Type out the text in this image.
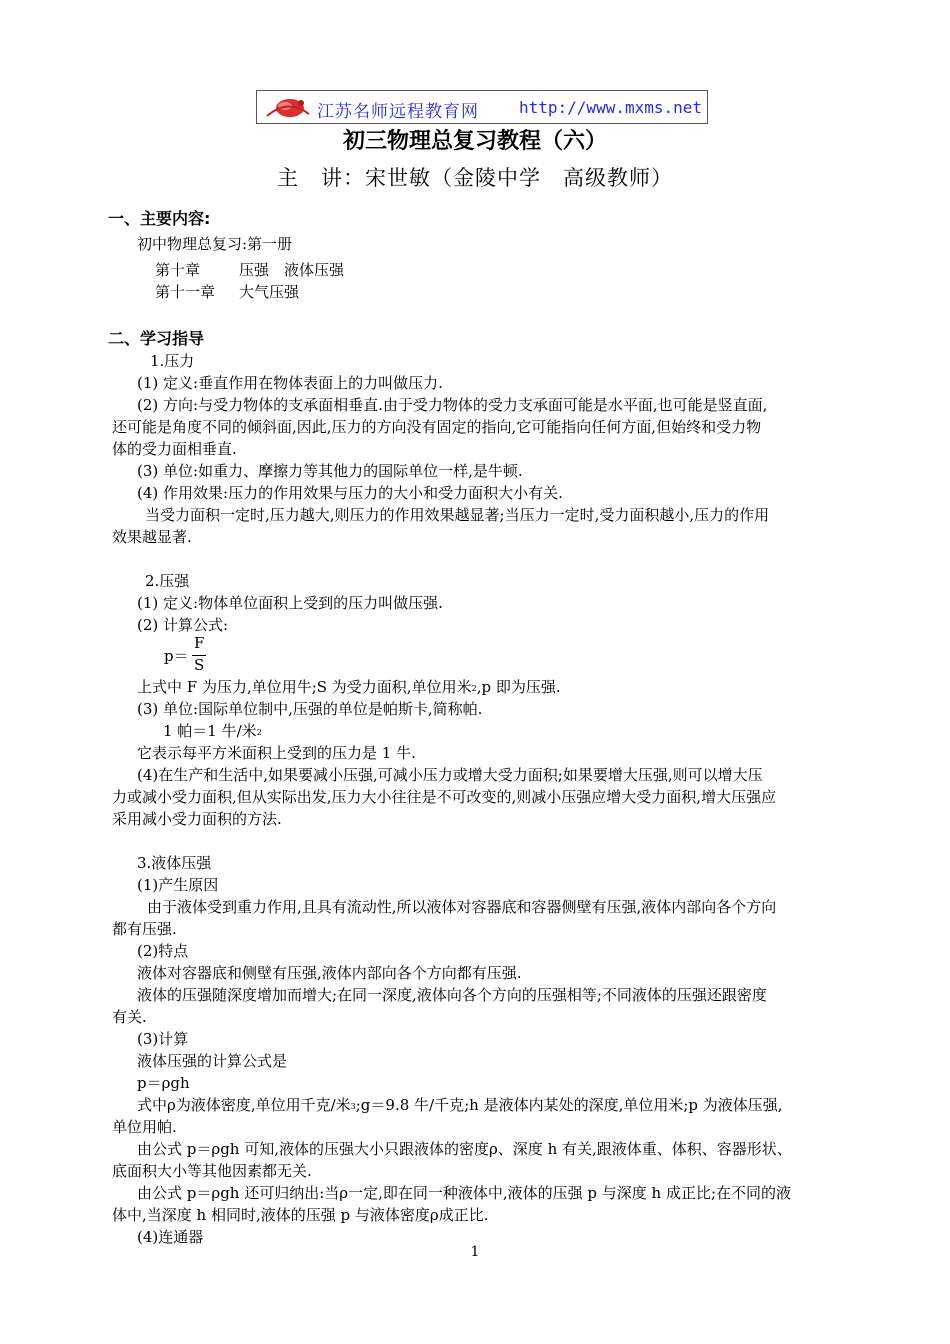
江苏名师远程教育网	http://www.mxms.net
初三物理总复习教程（六）
主　讲：宋世敏（金陵中学　高级教师）
一、主要内容:
初中物理总复习:第一册
第十章	压强　液体压强
第十一章 大气压强
二、学习指导
1.压力
(1) 定义:垂直作用在物体表面上的力叫做压力.
(2) 方向:与受力物体的支承面相垂直.由于受力物体的受力支承面可能是水平面,也可能是竖直面,
还可能是角度不同的倾斜面,因此,压力的方向没有固定的指向,它可能指向任何方面,但始终和受力物
体的受力面相垂直.
(3) 单位:如重力、摩擦力等其他力的国际单位一样,是牛顿.
(4) 作用效果:压力的作用效果与压力的大小和受力面积大小有关.
当受力面积一定时,压力越大,则压力的作用效果越显著;当压力一定时,受力面积越小,压力的作用
效果越显著.
2.压强
(1) 定义:物体单位面积上受到的压力叫做压强.
(2) 计算公式:
p＝
F
S
上式中 F 为压力,单位用牛;S 为受力面积,单位用米$^2$,p 即为压强.
(3) 单位:国际单位制中,压强的单位是帕斯卡,简称帕.
1 帕＝1 牛/米$^2$
它表示每平方米面积上受到的压力是 1 牛.
(4)在生产和生活中,如果要减小压强,可减小压力或增大受力面积;如果要增大压强,则可以增大压
力或减小受力面积,但从实际出发,压力大小往往是不可改变的,则减小压强应增大受力面积,增大压强应
采用减小受力面积的方法.
3.液体压强
(1)产生原因
由于液体受到重力作用,且具有流动性,所以液体对容器底和容器侧壁有压强,液体内部向各个方向
都有压强.
(2)特点
液体对容器底和侧壁有压强,液体内部向各个方向都有压强.
液体的压强随深度增加而增大;在同一深度,液体向各个方向的压强相等;不同液体的压强还跟密度
有关.
(3)计算
液体压强的计算公式是
p＝ρgh
式中ρ为液体密度,单位用千克/米$^3$;g＝9.8 牛/千克;h 是液体内某处的深度,单位用米;p 为液体压强,
单位用帕.
由公式 p＝ρgh 可知,液体的压强大小只跟液体的密度ρ、深度 h 有关,跟液体重、体积、容器形状、
底面积大小等其他因素都无关.
由公式 p＝ρgh 还可归纳出:当ρ一定,即在同一种液体中,液体的压强 p 与深度 h 成正比;在不同的液
体中,当深度 h 相同时,液体的压强 p 与液体密度ρ成正比.
(4)连通器
1
